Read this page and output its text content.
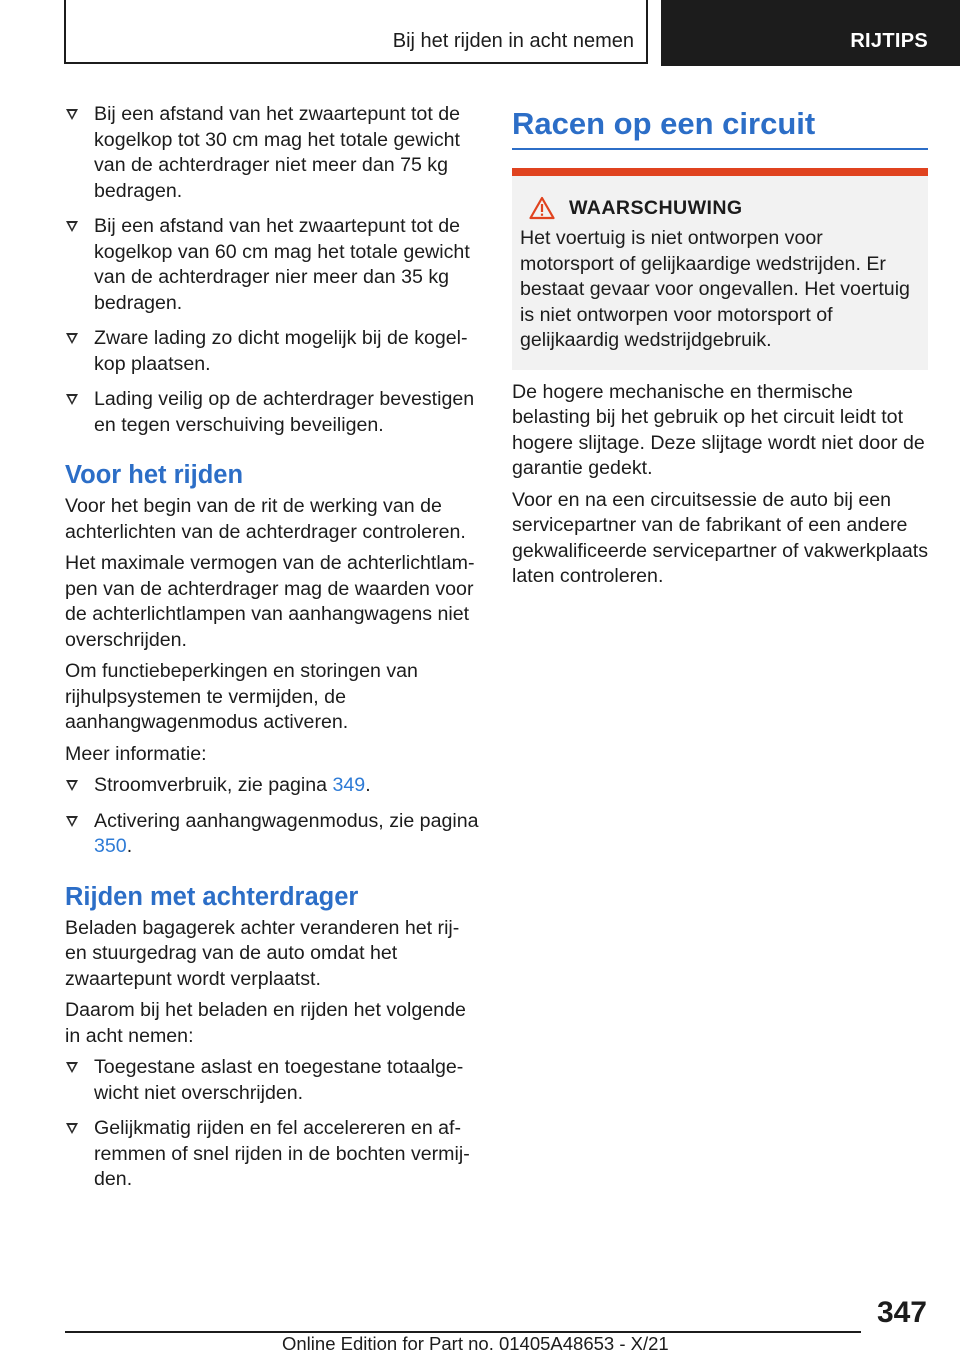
Bij het rijden in acht nemen	RIJTIPS
Bij een afstand van het zwaartepunt tot de kogelkop tot 30 cm mag het totale gewicht van de achterdrager niet meer dan 75 kg bedragen.
Bij een afstand van het zwaartepunt tot de kogelkop van 60 cm mag het totale gewicht van de achterdrager nier meer dan 35 kg bedragen.
Zware lading zo dicht mogelijk bij de kogelkop plaatsen.
Lading veilig op de achterdrager bevestigen en tegen verschuiving beveiligen.
Voor het rijden

Voor het begin van de rit de werking van de achterlichten van de achterdrager controleren.

Het maximale vermogen van de achterlichtlampen van de achterdrager mag de waarden voor de achterlichtlampen van aanhangwagens niet overschrijden.

Om functiebeperkingen en storingen van rijhulpsystemen te vermijden, de aanhangwagenmodus activeren.

Meer informatie:

Stroomverbruik, zie pagina 349.
Activering aanhangwagenmodus, zie pagina 350.
Rijden met achterdrager

Beladen bagagerek achter veranderen het rij- en stuurgedrag van de auto omdat het zwaartepunt wordt verplaatst.

Daarom bij het beladen en rijden het volgende in acht nemen:

Toegestane aslast en toegestane totaalgewicht niet overschrijden.
Gelijkmatig rijden en fel accelereren en afremmen of snel rijden in de bochten vermijden.
Racen op een circuit
WAARSCHUWING
Het voertuig is niet ontworpen voor motorsport of gelijkaardige wedstrijden. Er bestaat gevaar voor ongevallen. Het voertuig is niet ontworpen voor motorsport of gelijkaardig wedstrijdgebruik.

De hogere mechanische en thermische belasting bij het gebruik op het circuit leidt tot hogere slijtage. Deze slijtage wordt niet door de garantie gedekt.

Voor en na een circuitsessie de auto bij een servicepartner van de fabrikant of een andere gekwalificeerde servicepartner of vakwerkplaats laten controleren.

347
Online Edition for Part no. 01405A48653 - X/21
